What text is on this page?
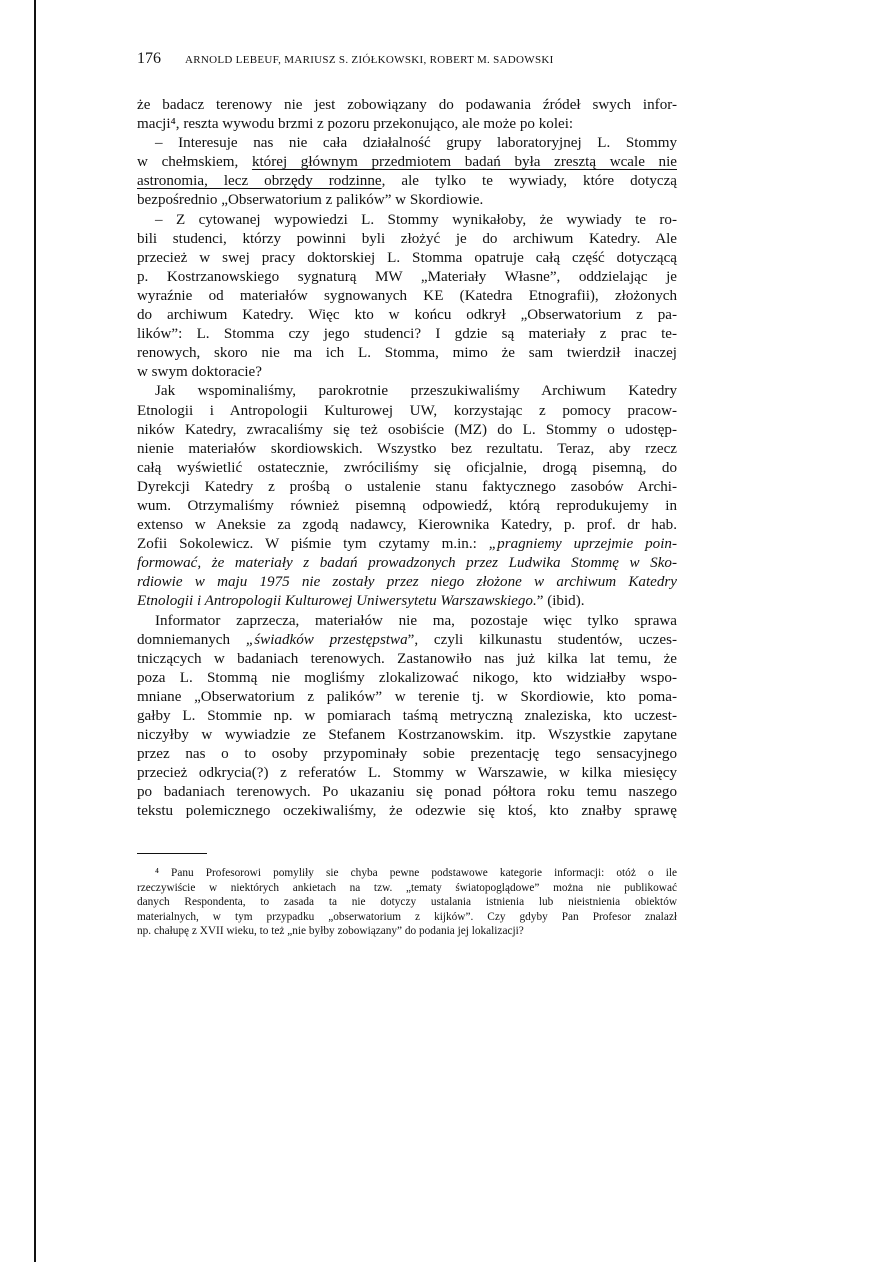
176 ARNOLD LEBEUF, MARIUSZ S. ZIÓŁKOWSKI, ROBERT M. SADOWSKI
że badacz terenowy nie jest zobowiązany do podawania źródeł swych infor-
macji⁴, reszta wywodu brzmi z pozoru przekonująco, ale może po kolei:
– Interesuje nas nie cała działalność grupy laboratoryjnej L. Stommy
w chełmskiem, której głównym przedmiotem badań była zresztą wcale nie
astronomia, lecz obrzędy rodzinne, ale tylko te wywiady, które dotyczą
bezpośrednio „Obserwatorium z palików” w Skordiowie.
– Z cytowanej wypowiedzi L. Stommy wynikałoby, że wywiady te ro-
bili studenci, którzy powinni byli złożyć je do archiwum Katedry. Ale
przecież w swej pracy doktorskiej L. Stomma opatruje całą część dotyczącą
p. Kostrzanowskiego sygnaturą MW „Materiały Własne”, oddzielając je
wyraźnie od materiałów sygnowanych KE (Katedra Etnografii), złożonych
do archiwum Katedry. Więc kto w końcu odkrył „Obserwatorium z pa-
lików”: L. Stomma czy jego studenci? I gdzie są materiały z prac te-
renowych, skoro nie ma ich L. Stomma, mimo że sam twierdził inaczej
w swym doktoracie?
Jak wspominaliśmy, parokrotnie przeszukiwaliśmy Archiwum Katedry
Etnologii i Antropologii Kulturowej UW, korzystając z pomocy pracow-
ników Katedry, zwracaliśmy się też osobiście (MZ) do L. Stommy o udostęp-
nienie materiałów skordiowskich. Wszystko bez rezultatu. Teraz, aby rzecz
całą wyświetlić ostatecznie, zwróciliśmy się oficjalnie, drogą pisemną, do
Dyrekcji Katedry z prośbą o ustalenie stanu faktycznego zasobów Archi-
wum. Otrzymaliśmy również pisemną odpowiedź, którą reprodukujemy in
extenso w Aneksie za zgodą nadawcy, Kierownika Katedry, p. prof. dr hab.
Zofii Sokolewicz. W piśmie tym czytamy m.in.: „pragniemy uprzejmie poin-
formować, że materiały z badań prowadzonych przez Ludwika Stommę w Sko-
rdiowie w maju 1975 nie zostały przez niego złożone w archiwum Katedry
Etnologii i Antropologii Kulturowej Uniwersytetu Warszawskiego.” (ibid).
Informator zaprzecza, materiałów nie ma, pozostaje więc tylko sprawa
domniemanych „świadków przestępstwa”, czyli kilkunastu studentów, uczes-
tniczących w badaniach terenowych. Zastanowiło nas już kilka lat temu, że
poza L. Stommą nie mogliśmy zlokalizować nikogo, kto widziałby wspo-
mniane „Obserwatorium z palików” w terenie tj. w Skordiowie, kto poma-
gałby L. Stommie np. w pomiarach taśmą metryczną znaleziska, kto uczest-
niczyłby w wywiadzie ze Stefanem Kostrzanowskim. itp. Wszystkie zapytane
przez nas o to osoby przypominały sobie prezentację tego sensacyjnego
przecież odkrycia(?) z referatów L. Stommy w Warszawie, w kilka miesięcy
po badaniach terenowych. Po ukazaniu się ponad półtora roku temu naszego
tekstu polemicznego oczekiwaliśmy, że odezwie się ktoś, kto znałby sprawę
⁴ Panu Profesorowi pomyliły sie chyba pewne podstawowe kategorie informacji: otóż o ile
rzeczywiście w niektórych ankietach na tzw. „tematy światopoglądowe” można nie publikować
danych Respondenta, to zasada ta nie dotyczy ustalania istnienia lub nieistnienia obiektów
materialnych, w tym przypadku „obserwatorium z kijków”. Czy gdyby Pan Profesor znalazł
np. chałupę z XVII wieku, to też „nie byłby zobowiązany” do podania jej lokalizacji?
